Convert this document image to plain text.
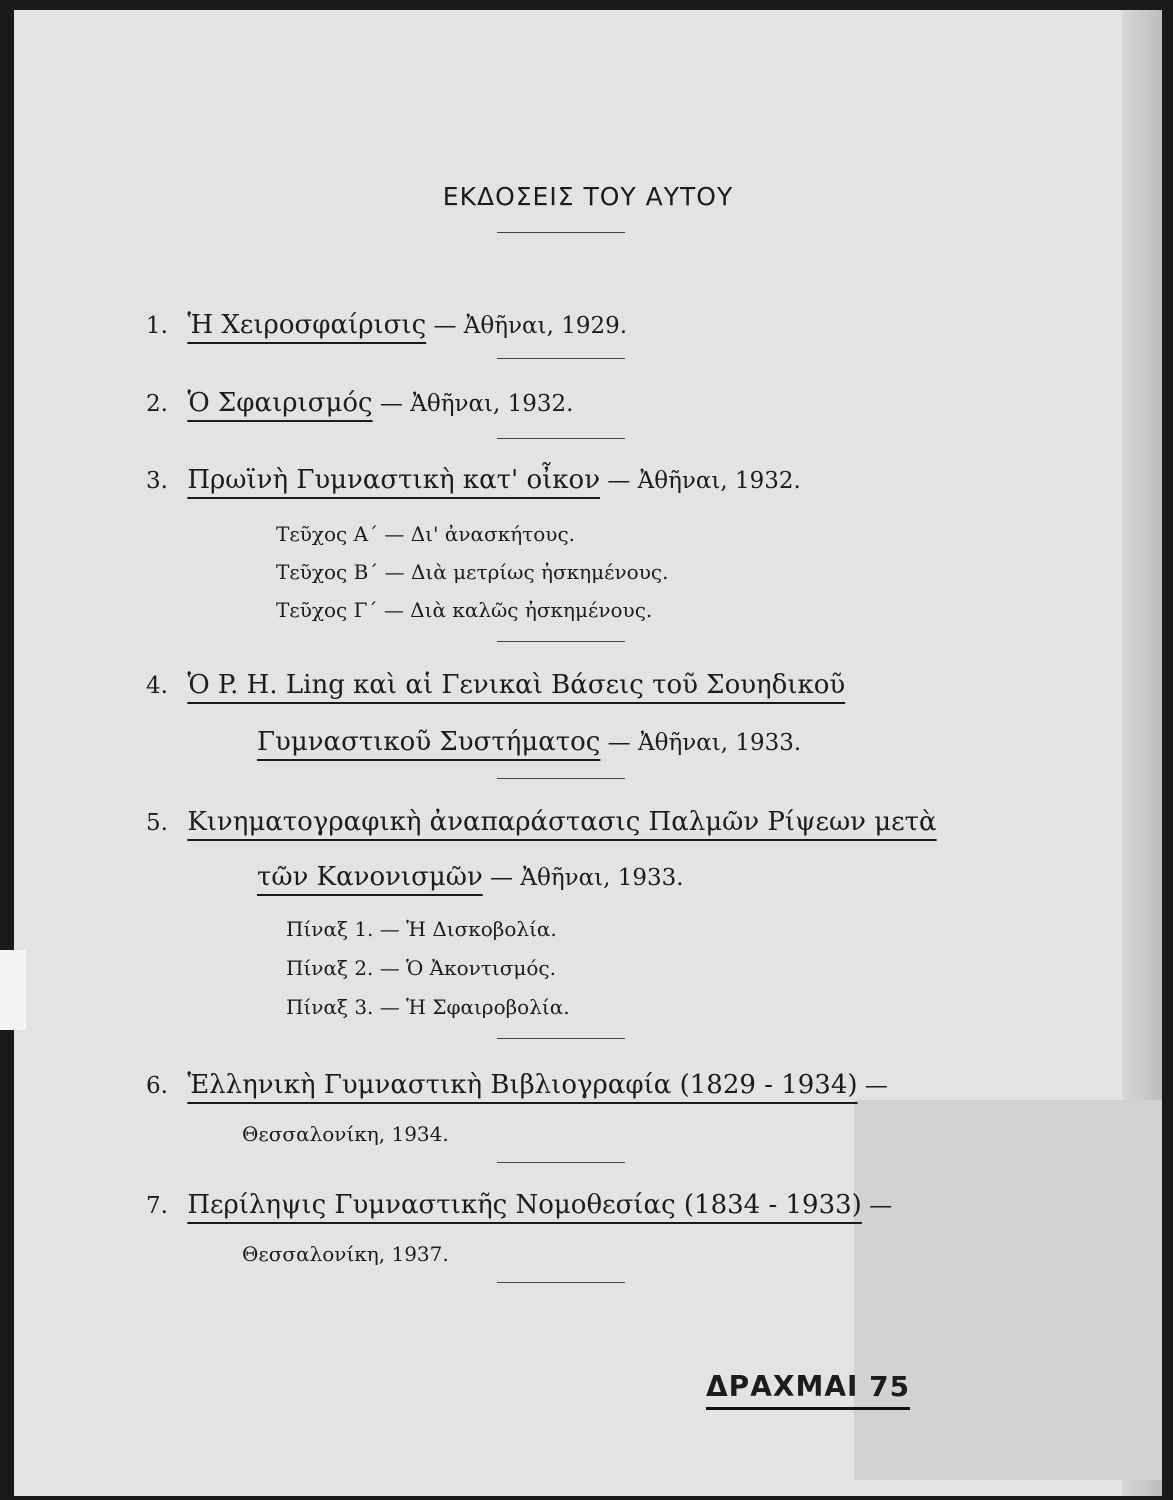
ΕΚΔΟΣΕΙΣ ΤΟΥ ΑΥΤΟΥ
1. Ἡ Χειροσφαίρισις — Ἀθῆναι, 1929.
2. Ὁ Σφαιρισμός — Ἀθῆναι, 1932.
3. Πρωϊνὴ Γυμναστικὴ κατ' οἶκον — Ἀθῆναι, 1932.
Τεῦχος Α΄ — Δι' ἀνασκήτους.
Τεῦχος Β΄ — Διὰ μετρίως ἠσκημένους.
Τεῦχος Γ΄ — Διὰ καλῶς ἠσκημένους.
4. Ὁ P. H. Ling καὶ αἱ Γενικαὶ Βάσεις τοῦ Σουηδικοῦ
Γυμναστικοῦ Συστήματος — Ἀθῆναι, 1933.
5. Κινηματογραφικὴ ἀναπαράστασις Παλμῶν Ρίψεων μετὰ
τῶν Κανονισμῶν — Ἀθῆναι, 1933.
Πίναξ 1. — Ἡ Δισκοβολία.
Πίναξ 2. — Ὁ Ἀκοντισμός.
Πίναξ 3. — Ἡ Σφαιροβολία.
6. Ἑλληνικὴ Γυμναστικὴ Βιβλιογραφία (1829 - 1934) —
Θεσσαλονίκη, 1934.
7. Περίληψις Γυμναστικῆς Νομοθεσίας (1834 - 1933) —
Θεσσαλονίκη, 1937.
ΔΡΑΧΜΑΙ 75
